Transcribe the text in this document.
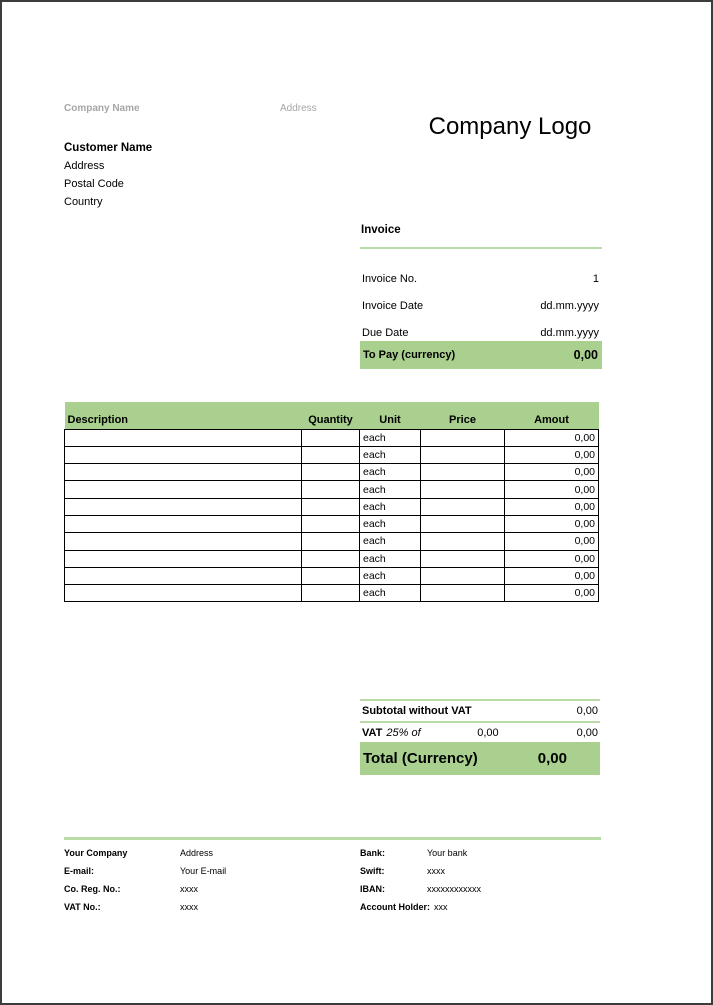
Company Name	Address
Company Logo
Customer Name
Address
Postal Code
Country
Invoice
Invoice No.	1
Invoice Date	dd.mm.yyyy
Due Date	dd.mm.yyyy
To Pay (currency)	0,00
Description	Quantity	Unit	Price	Amout
		each		0,00
		each		0,00
		each		0,00
		each		0,00
		each		0,00
		each		0,00
		each		0,00
		each		0,00
		each		0,00
		each		0,00
Subtotal without VAT	0,00
VAT 25% of	0,00	0,00
Total (Currency)	0,00
Your Company	Address	Bank:	Your bank
E-mail:	Your E-mail	Swift:	xxxx
Co. Reg. No.:	xxxx	IBAN:	xxxxxxxxxxxx
VAT No.:	xxxx	Account Holder: xxx
